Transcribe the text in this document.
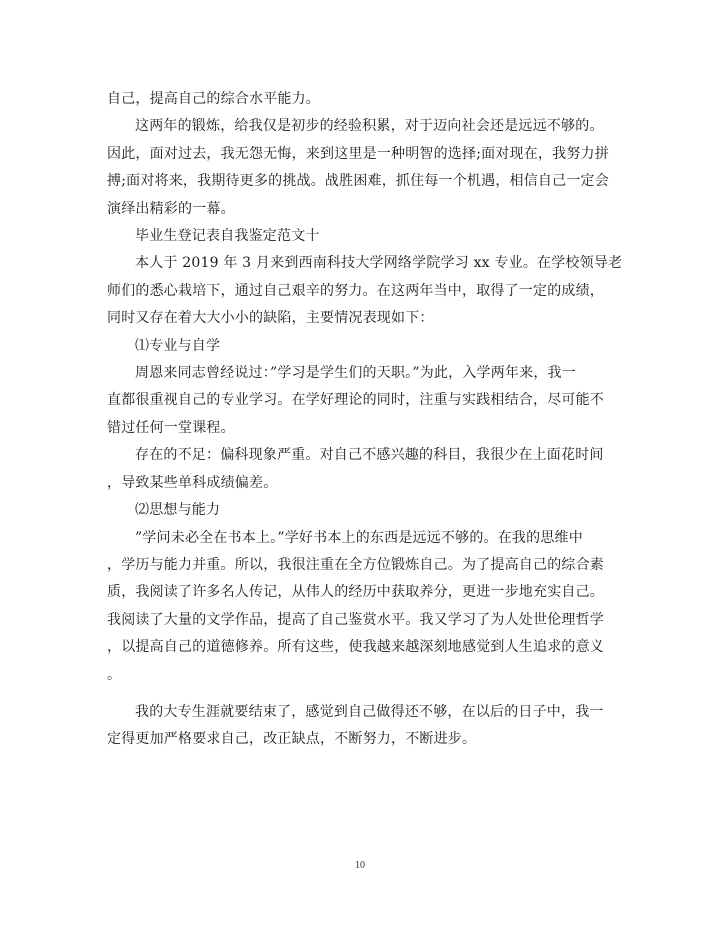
自己，提高自己的综合水平能力。

这两年的锻炼，给我仅是初步的经验积累，对于迈向社会还是远远不够的。

因此，面对过去，我无怨无悔，来到这里是一种明智的选择;面对现在，我努力拼

搏;面对将来，我期待更多的挑战。战胜困难，抓住每一个机遇，相信自己一定会

演绎出精彩的一幕。

毕业生登记表自我鉴定范文十

本人于 2019 年 3 月来到西南科技大学网络学院学习 xx 专业。在学校领导老

师们的悉心栽培下，通过自己艰辛的努力。在这两年当中，取得了一定的成绩，

同时又存在着大大小小的缺陷，主要情况表现如下：

⑴专业与自学

周恩来同志曾经说过：”学习是学生们的天职。”为此，入学两年来，我一

直都很重视自己的专业学习。在学好理论的同时，注重与实践相结合，尽可能不

错过任何一堂课程。

存在的不足：偏科现象严重。对自己不感兴趣的科目，我很少在上面花时间

，导致某些单科成绩偏差。

⑵思想与能力

”学问未必全在书本上。”学好书本上的东西是远远不够的。在我的思维中

，学历与能力并重。所以，我很注重在全方位锻炼自己。为了提高自己的综合素

质，我阅读了许多名人传记，从伟人的经历中获取养分，更进一步地充实自己。

我阅读了大量的文学作品，提高了自己鉴赏水平。我又学习了为人处世伦理哲学

，以提高自己的道德修养。所有这些，使我越来越深刻地感觉到人生追求的意义

。

我的大专生涯就要结束了，感觉到自己做得还不够，在以后的日子中，我一

定得更加严格要求自己，改正缺点，不断努力，不断进步。

10
